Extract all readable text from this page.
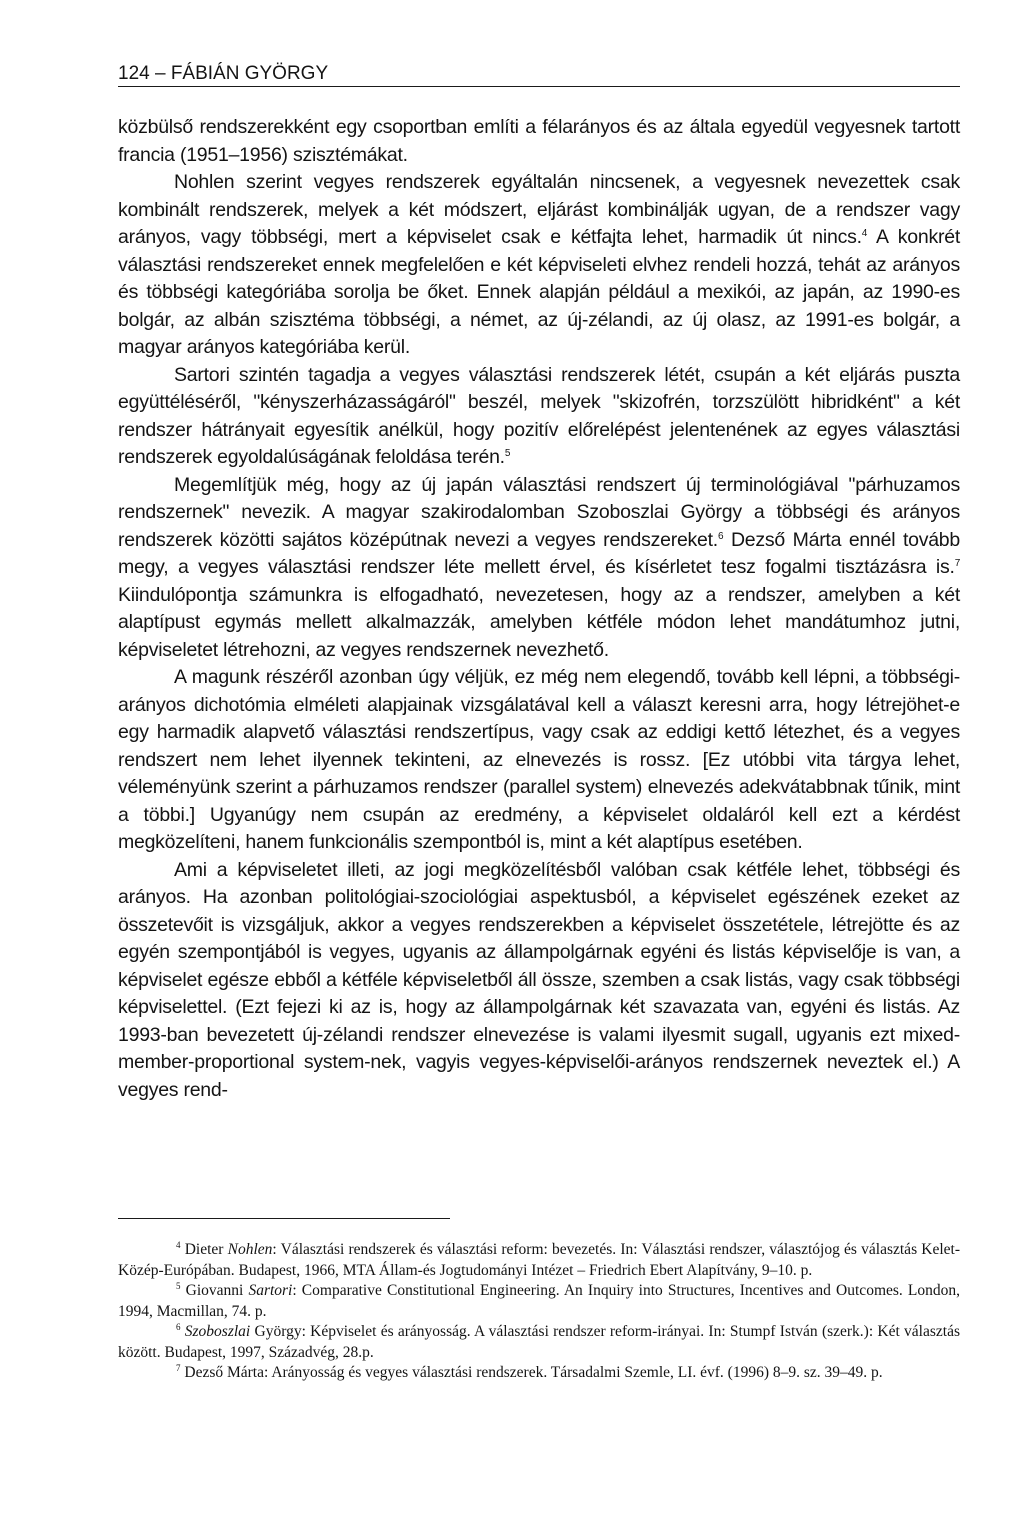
124 – FÁBIÁN GYÖRGY

közbülső rendszerekként egy csoportban említi a félarányos és az általa egyedül vegyesnek tartott francia (1951–1956) szisztémákat.

Nohlen szerint vegyes rendszerek egyáltalán nincsenek, a vegyesnek nevezettek csak kombinált rendszerek, melyek a két módszert, eljárást kombinálják ugyan, de a rendszer vagy arányos, vagy többségi, mert a képviselet csak e kétfajta lehet, harmadik út nincs.$^4$ A konkrét választási rendszereket ennek megfelelően e két képviseleti elvhez rendeli hozzá, tehát az arányos és többségi kategóriába sorolja be őket. Ennek alapján például a mexikói, az japán, az 1990-es bolgár, az albán szisztéma többségi, a német, az új-zélandi, az új olasz, az 1991-es bolgár, a magyar arányos kategóriába kerül.

Sartori szintén tagadja a vegyes választási rendszerek létét, csupán a két eljárás puszta együttéléséről, "kényszerházasságáról" beszél, melyek "skizofrén, torzszülött hibridként" a két rendszer hátrányait egyesítik anélkül, hogy pozitív előrelépést jelentenének az egyes választási rendszerek egyoldalúságának feloldása terén.$^5$

Megemlítjük még, hogy az új japán választási rendszert új terminológiával "párhuzamos rendszernek" nevezik. A magyar szakirodalomban Szoboszlai György a többségi és arányos rendszerek közötti sajátos középútnak nevezi a vegyes rendszereket.$^6$ Dezső Márta ennél tovább megy, a vegyes választási rendszer léte mellett érvel, és kísérletet tesz fogalmi tisztázásra is.$^7$ Kiindulópontja számunkra is elfogadható, nevezetesen, hogy az a rendszer, amelyben a két alaptípust egymás mellett alkalmazzák, amelyben kétféle módon lehet mandátumhoz jutni, képviseletet létrehozni, az vegyes rendszernek nevezhető.

A magunk részéről azonban úgy véljük, ez még nem elegendő, tovább kell lépni, a többségi-arányos dichotómia elméleti alapjainak vizsgálatával kell a választ keresni arra, hogy létrejöhet-e egy harmadik alapvető választási rendszertípus, vagy csak az eddigi kettő létezhet, és a vegyes rendszert nem lehet ilyennek tekinteni, az elnevezés is rossz. [Ez utóbbi vita tárgya lehet, véleményünk szerint a párhuzamos rendszer (parallel system) elnevezés adekvátabbnak tűnik, mint a többi.] Ugyanúgy nem csupán az eredmény, a képviselet oldaláról kell ezt a kérdést megközelíteni, hanem funkcionális szempontból is, mint a két alaptípus esetében.

Ami a képviseletet illeti, az jogi megközelítésből valóban csak kétféle lehet, többségi és arányos. Ha azonban politológiai-szociológiai aspektusból, a képviselet egészének ezeket az összetevőit is vizsgáljuk, akkor a vegyes rendszerekben a képviselet összetétele, létrejötte és az egyén szempontjából is vegyes, ugyanis az állampolgárnak egyéni és listás képviselője is van, a képviselet egésze ebből a kétféle képviseletből áll össze, szemben a csak listás, vagy csak többségi képviselettel. (Ezt fejezi ki az is, hogy az állampolgárnak két szavazata van, egyéni és listás. Az 1993-ban bevezetett új-zélandi rendszer elnevezése is valami ilyesmit sugall, ugyanis ezt mixed-member-proportional system-nek, vagyis vegyes-képviselői-arányos rendszernek neveztek el.) A vegyes rend-

$^4$ Dieter Nohlen: Választási rendszerek és választási reform: bevezetés. In: Választási rendszer, választójog és választás Kelet-Közép-Európában. Budapest, 1966, MTA Állam-és Jogtudományi Intézet – Friedrich Ebert Alapítvány, 9–10. p.

$^5$ Giovanni Sartori: Comparative Constitutional Engineering. An Inquiry into Structures, Incentives and Outcomes. London, 1994, Macmillan, 74. p.

$^6$ Szoboszlai György: Képviselet és arányosság. A választási rendszer reform-irányai. In: Stumpf István (szerk.): Két választás között. Budapest, 1997, Századvég, 28.p.

$^7$ Dezső Márta: Arányosság és vegyes választási rendszerek. Társadalmi Szemle, LI. évf. (1996) 8–9. sz. 39–49. p.
